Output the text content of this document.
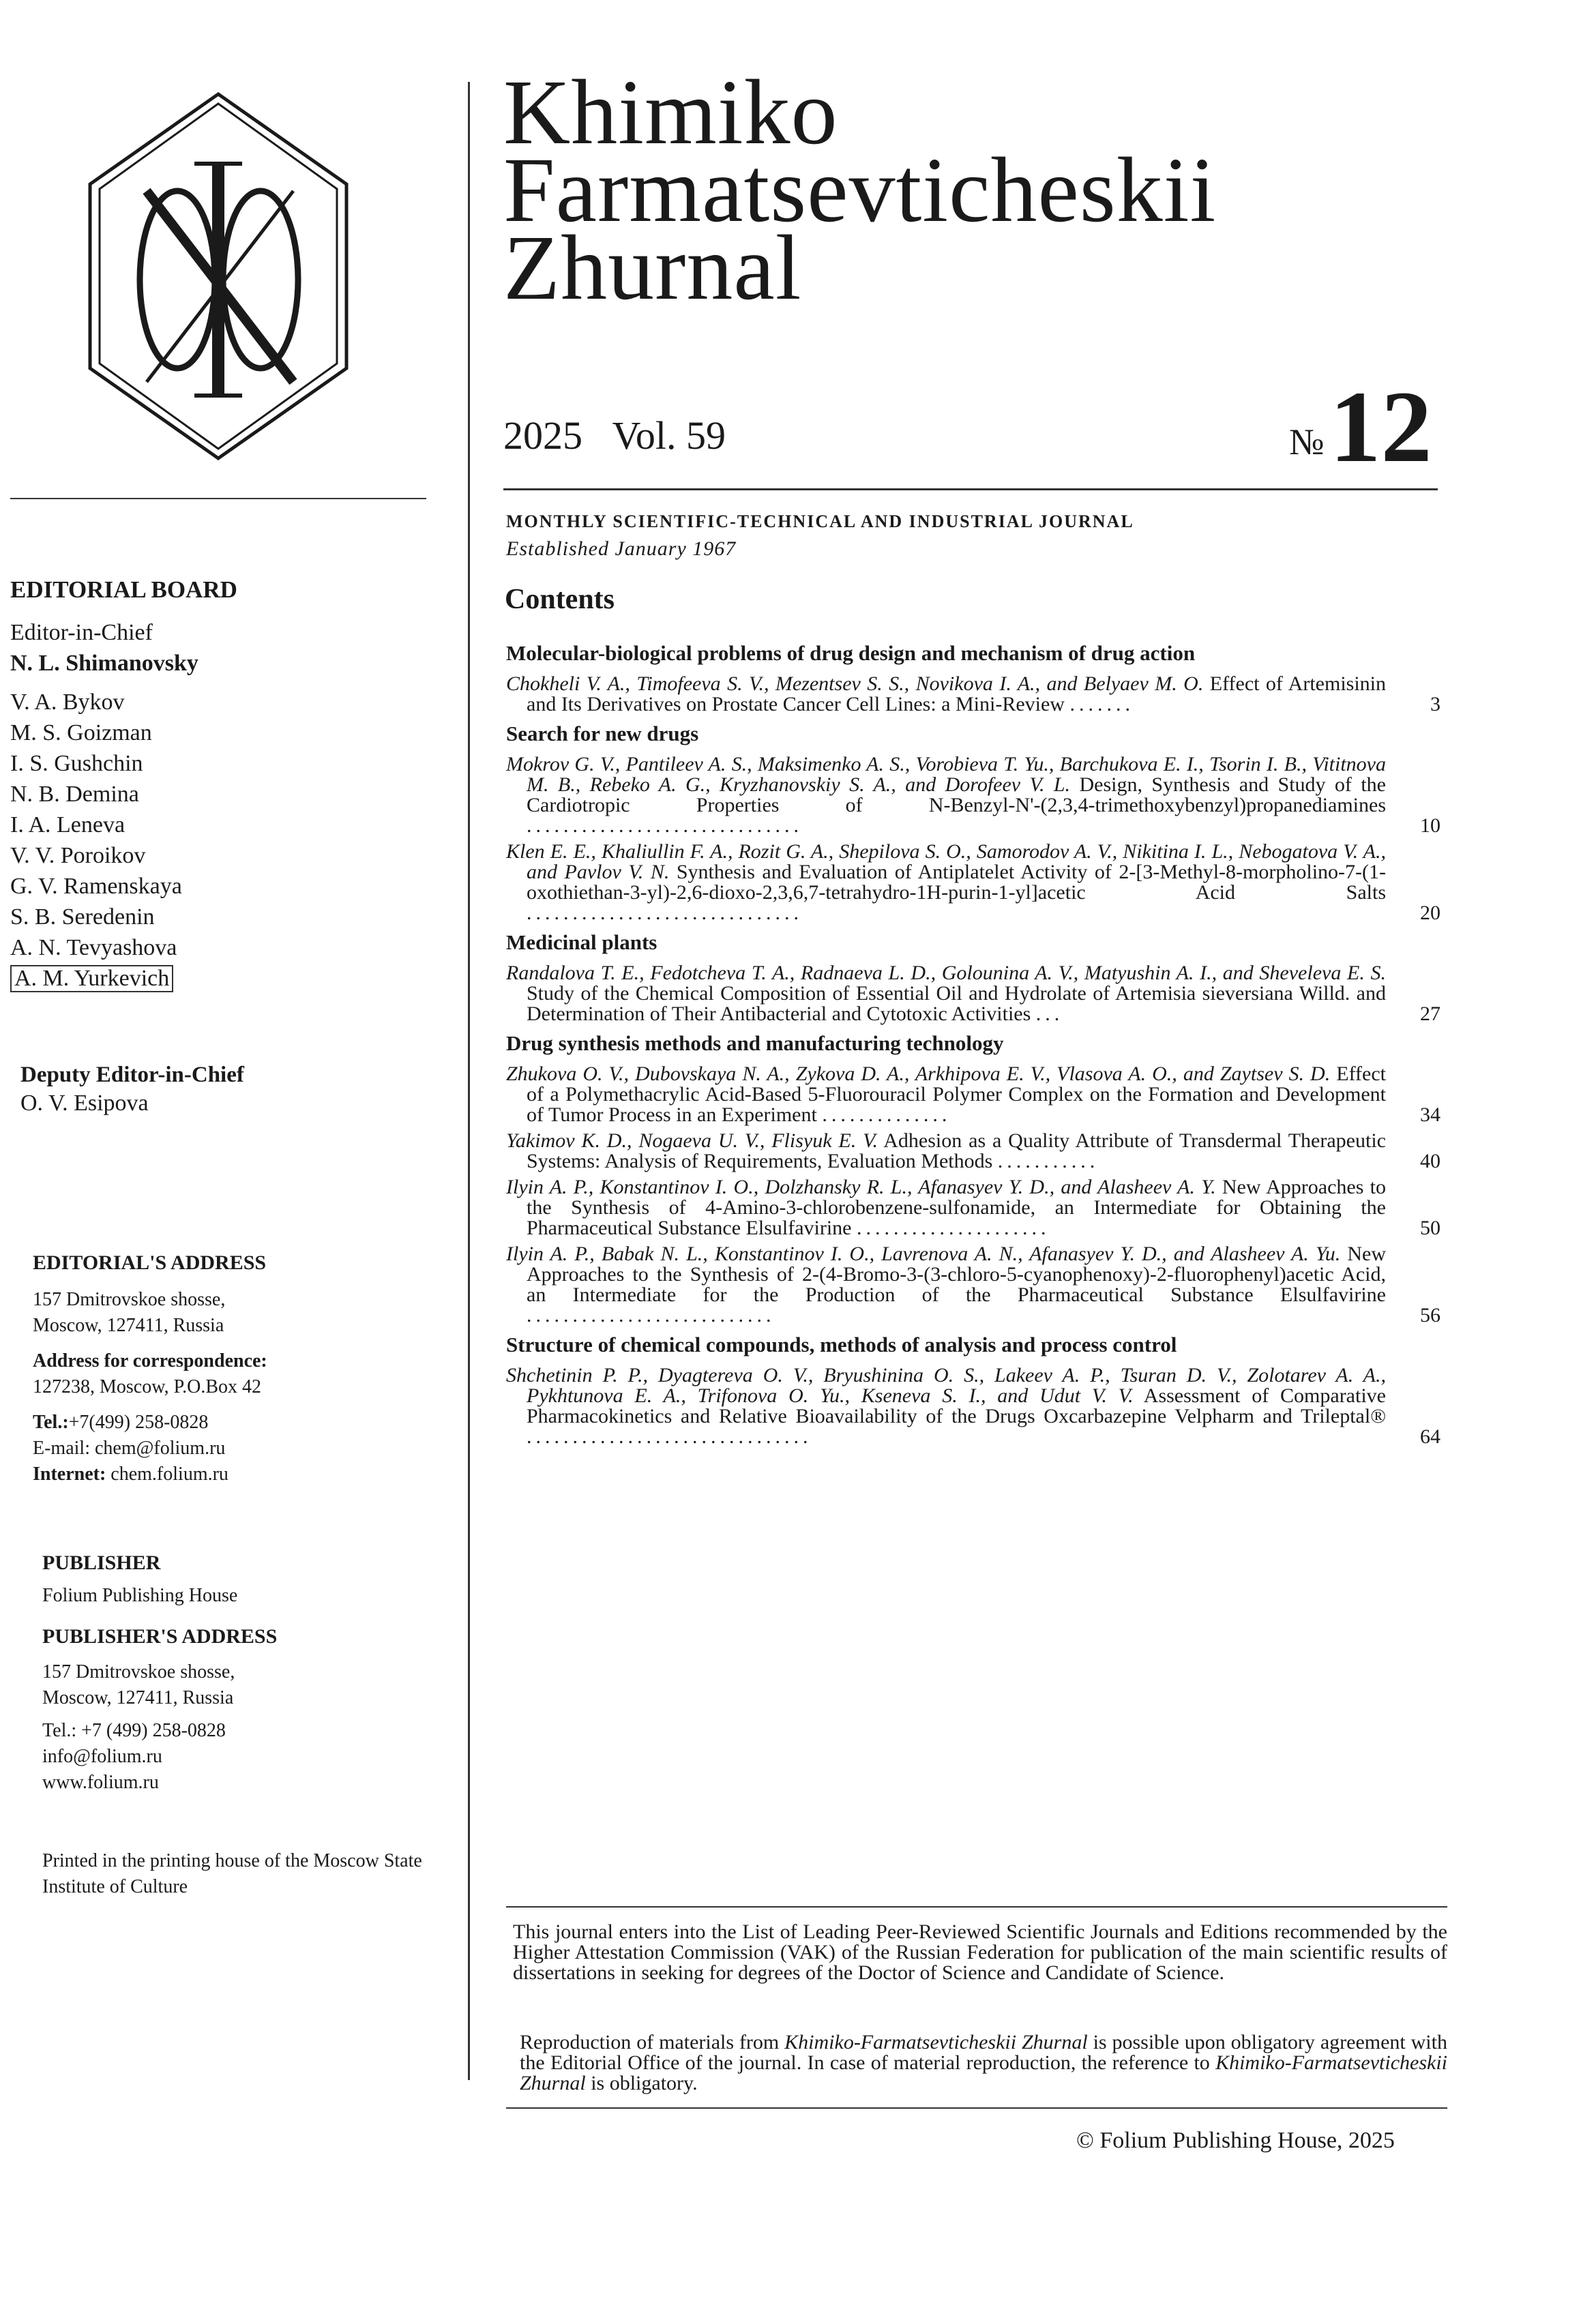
EDITORIAL BOARD
Editor-in-Chief
N. L. Shimanovsky
V. A. Bykov
M. S. Goizman
I. S. Gushchin
N. B. Demina
I. A. Leneva
V. V. Poroikov
G. V. Ramenskaya
S. B. Seredenin
A. N. Tevyashova
A. M. Yurkevich
Deputy Editor-in-Chief
O. V. Esipova
EDITORIAL'S ADDRESS
157 Dmitrovskoe shosse,
Moscow, 127411, Russia
Address for correspondence:
127238, Moscow, P.O.Box 42
Tel.:+7(499) 258-0828
E-mail: chem@folium.ru
Internet: chem.folium.ru
PUBLISHER
Folium Publishing House
PUBLISHER'S ADDRESS
157 Dmitrovskoe shosse,
Moscow, 127411, Russia
Tel.: +7 (499) 258-0828
info@folium.ru
www.folium.ru
Printed in the printing house of the Moscow State Institute of Culture
Khimiko
Farmatsevticheskii
Zhurnal
2025 Vol. 59	№12
MONTHLY SCIENTIFIC-TECHNICAL AND INDUSTRIAL JOURNAL
Established January 1967
Contents
Molecular-biological problems of drug design and mechanism of drug action
Chokheli V. A., Timofeeva S. V., Mezentsev S. S., Novikova I. A., and Belyaev M. O. Effect of Artemisinin and Its Derivatives on Prostate Cancer Cell Lines: a Mini-Review .......	3
Search for new drugs
Mokrov G. V., Pantileev A. S., Maksimenko A. S., Vorobieva T. Yu., Barchukova E. I., Tsorin I. B., Vititnova M. B., Rebeko A. G., Kryzhanovskiy S. A., and Dorofeev V. L. Design, Synthesis and Study of the Cardiotropic Properties of N-Benzyl-N'-(2,3,4-trimethoxybenzyl)propanediamines ..............................	10
Klen E. E., Khaliullin F. A., Rozit G. A., Shepilova S. O., Samorodov A. V., Nikitina I. L., Nebogatova V. A., and Pavlov V. N. Synthesis and Evaluation of Antiplatelet Activity of 2-[3-Methyl-8-morpholino-7-(1-oxothiethan-3-yl)-2,6-dioxo-2,3,6,7-tetrahydro-1H-purin-1-yl]acetic Acid Salts ..............................	20
Medicinal plants
Randalova T. E., Fedotcheva T. A., Radnaeva L. D., Golounina A. V., Matyushin A. I., and Sheveleva E. S. Study of the Chemical Composition of Essential Oil and Hydrolate of Artemisia sieversiana Willd. and Determination of Their Antibacterial and Cytotoxic Activities ...	27
Drug synthesis methods and manufacturing technology
Zhukova O. V., Dubovskaya N. A., Zykova D. A., Arkhipova E. V., Vlasova A. O., and Zaytsev S. D. Effect of a Polymethacrylic Acid-Based 5-Fluorouracil Polymer Complex on the Formation and Development of Tumor Process in an Experiment ..............	34
Yakimov K. D., Nogaeva U. V., Flisyuk E. V. Adhesion as a Quality Attribute of Transdermal Therapeutic Systems: Analysis of Requirements, Evaluation Methods ...........	40
Ilyin A. P., Konstantinov I. O., Dolzhansky R. L., Afanasyev Y. D., and Alasheev A. Y. New Approaches to the Synthesis of 4-Amino-3-chlorobenzene-sulfonamide, an Intermediate for Obtaining the Pharmaceutical Substance Elsulfavirine .....................	50
Ilyin A. P., Babak N. L., Konstantinov I. O., Lavrenova A. N., Afanasyev Y. D., and Alasheev A. Yu. New Approaches to the Synthesis of 2-(4-Bromo-3-(3-chloro-5-cyanophenoxy)-2-fluorophenyl)acetic Acid, an Intermediate for the Production of the Pharmaceutical Substance Elsulfavirine ...........................	56
Structure of chemical compounds, methods of analysis and process control
Shchetinin P. P., Dyagtereva O. V., Bryushinina O. S., Lakeev A. P., Tsuran D. V., Zolotarev A. A., Pykhtunova E. A., Trifonova O. Yu., Kseneva S. I., and Udut V. V. Assessment of Comparative Pharmacokinetics and Relative Bioavailability of the Drugs Oxcarbazepine Velpharm and Trileptal® ...............................	64
This journal enters into the List of Leading Peer-Reviewed Scientific Journals and Editions recommended by the Higher Attestation Commission (VAK) of the Russian Federation for publication of the main scientific results of dissertations in seeking for degrees of the Doctor of Science and Candidate of Science.
Reproduction of materials from Khimiko-Farmatsevticheskii Zhurnal is possible upon obligatory agreement with the Editorial Office of the journal. In case of material reproduction, the reference to Khimiko-Farmatsevticheskii Zhurnal is obligatory.
© Folium Publishing House, 2025
